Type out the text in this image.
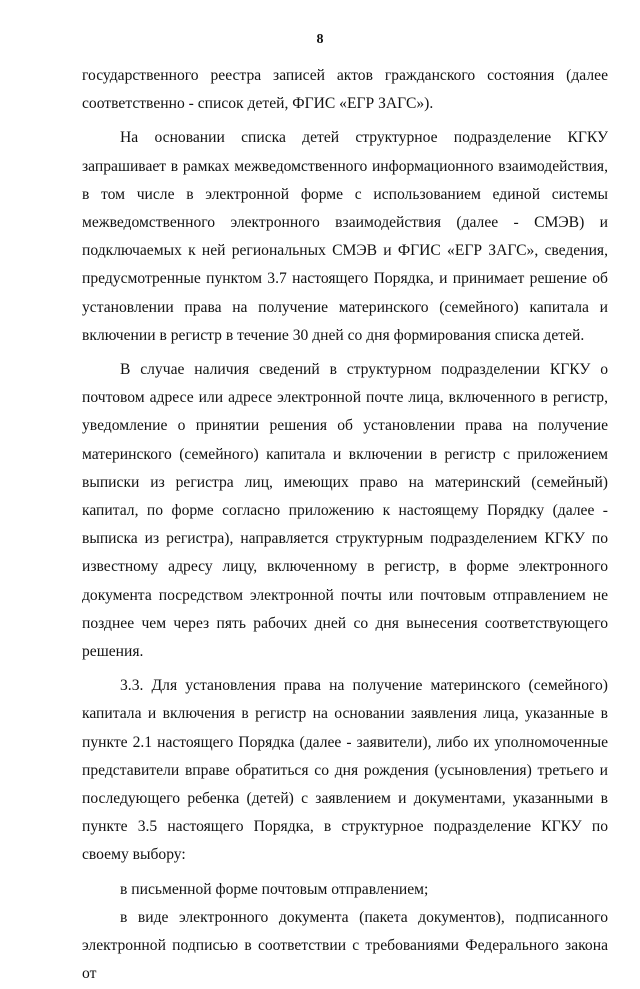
8

государственного реестра записей актов гражданского состояния (далее соответственно - список детей, ФГИС «ЕГР ЗАГС»).

На основании списка детей структурное подразделение КГКУ запрашивает в рамках межведомственного информационного взаимодействия, в том числе в электронной форме с использованием единой системы межведомственного электронного взаимодействия (далее - СМЭВ) и подключаемых к ней региональных СМЭВ и ФГИС «ЕГР ЗАГС», сведения, предусмотренные пунктом 3.7 настоящего Порядка, и принимает решение об установлении права на получение материнского (семейного) капитала и включении в регистр в течение 30 дней со дня формирования списка детей.

В случае наличия сведений в структурном подразделении КГКУ о почтовом адресе или адресе электронной почте лица, включенного в регистр, уведомление о принятии решения об установлении права на получение материнского (семейного) капитала и включении в регистр с приложением выписки из регистра лиц, имеющих право на материнский (семейный) капитал, по форме согласно приложению к настоящему Порядку (далее - выписка из регистра), направляется структурным подразделением КГКУ по известному адресу лицу, включенному в регистр, в форме электронного документа посредством электронной почты или почтовым отправлением не позднее чем через пять рабочих дней со дня вынесения соответствующего решения.

3.3. Для установления права на получение материнского (семейного) капитала и включения в регистр на основании заявления лица, указанные в пункте 2.1 настоящего Порядка (далее - заявители), либо их уполномоченные представители вправе обратиться со дня рождения (усыновления) третьего и последующего ребенка (детей) с заявлением и документами, указанными в пункте 3.5 настоящего Порядка, в структурное подразделение КГКУ по своему выбору:

в письменной форме почтовым отправлением;

в виде электронного документа (пакета документов), подписанного электронной подписью в соответствии с требованиями Федерального закона от
